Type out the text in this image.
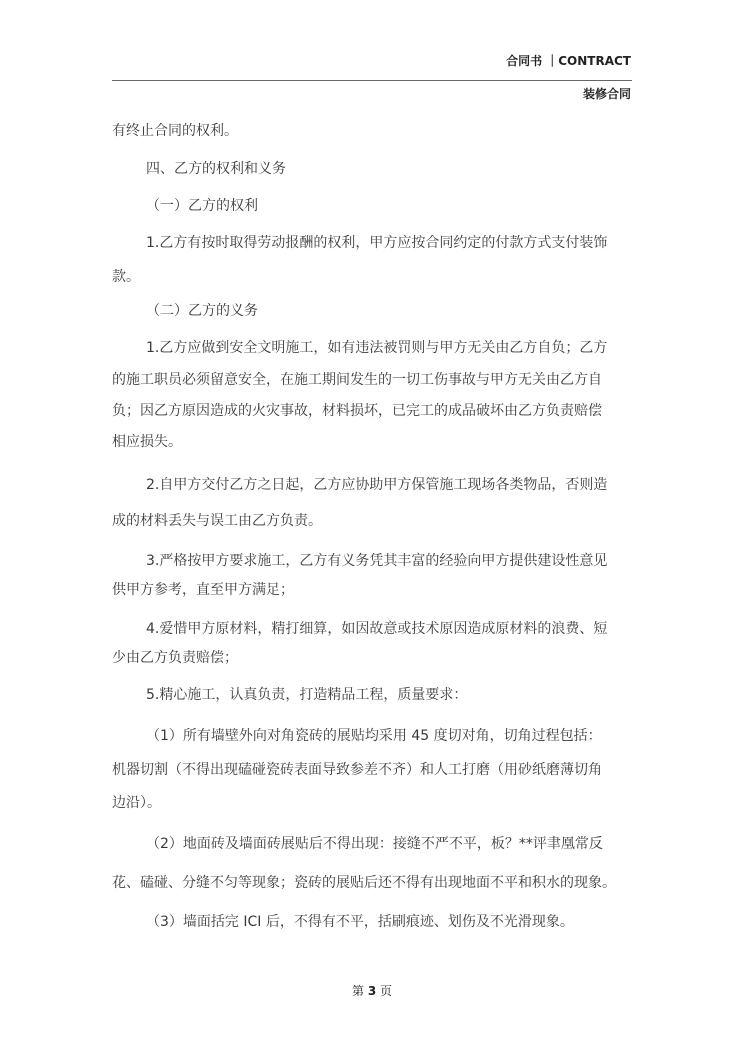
合同书 ｜CONTRACT
装修合同
有终止合同的权利。
四、乙方的权利和义务
（一）乙方的权利
1.乙方有按时取得劳动报酬的权利，甲方应按合同约定的付款方式支付装饰
款。
（二）乙方的义务
1.乙方应做到安全文明施工，如有违法被罚则与甲方无关由乙方自负；乙方
的施工职员必须留意安全，在施工期间发生的一切工伤事故与甲方无关由乙方自
负；因乙方原因造成的火灾事故，材料损坏，已完工的成品破坏由乙方负责赔偿
相应损失。
2.自甲方交付乙方之日起，乙方应协助甲方保管施工现场各类物品，否则造
成的材料丢失与误工由乙方负责。
3.严格按甲方要求施工，乙方有义务凭其丰富的经验向甲方提供建设性意见
供甲方参考，直至甲方满足；
4.爱惜甲方原材料，精打细算，如因故意或技术原因造成原材料的浪费、短
少由乙方负责赔偿；
5.精心施工，认真负责，打造精品工程，质量要求：
（1）所有墙壁外向对角瓷砖的展贴均采用 45 度切对角，切角过程包括：
机器切割（不得出现磕碰瓷砖表面导致参差不齐）和人工打磨（用砂纸磨薄切角
边沿）。
（2）地面砖及墙面砖展贴后不得出现：接缝不严不平，板？**评聿凰常反
花、磕碰、分缝不匀等现象；瓷砖的展贴后还不得有出现地面不平和积水的现象。
（3）墙面括完 ICI 后，不得有不平，括刷痕迹、划伤及不光滑现象。
第 3 页
